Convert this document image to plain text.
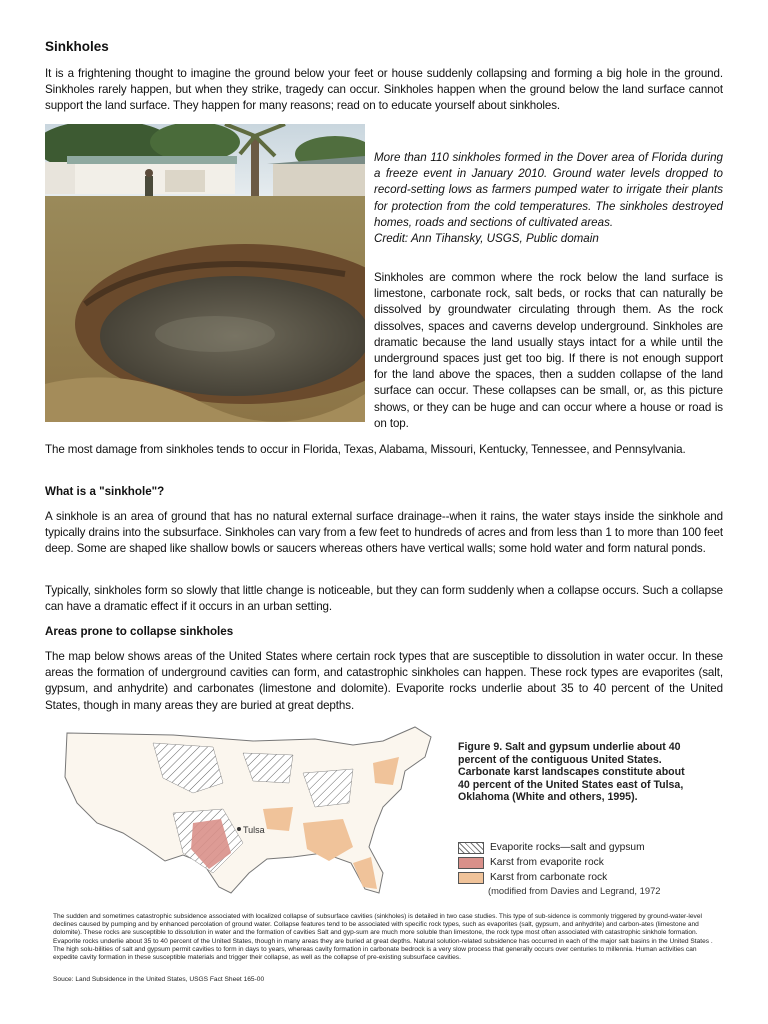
Sinkholes

It is a frightening thought to imagine the ground below your feet or house suddenly collapsing and forming a big hole in the ground. Sinkholes rarely happen, but when they strike, tragedy can occur. Sinkholes happen when the ground below the land surface cannot support the land surface. They happen for many reasons; read on to educate yourself about sinkholes.

More than 110 sinkholes formed in the Dover area of Florida during a freeze event in January 2010. Ground water levels dropped to record-setting lows as farmers pumped water to irrigate their plants for protection from the cold temperatures. The sinkholes destroyed homes, roads and sections of cultivated areas.
Credit: Ann Tihansky, USGS, Public domain

Sinkholes are common where the rock below the land surface is limestone, carbonate rock, salt beds, or rocks that can naturally be dissolved by groundwater circulating through them. As the rock dissolves, spaces and caverns develop underground. Sinkholes are dramatic because the land usually stays intact for a while until the underground spaces just get too big. If there is not enough support for the land above the spaces, then a sudden collapse of the land surface can occur. These collapses can be small, or, as this picture shows, or they can be huge and can occur where a house or road is on top.

The most damage from sinkholes tends to occur in Florida, Texas, Alabama, Missouri, Kentucky, Tennessee, and Pennsylvania.

What is a "sinkhole"?

A sinkhole is an area of ground that has no natural external surface drainage--when it rains, the water stays inside the sinkhole and typically drains into the subsurface. Sinkholes can vary from a few feet to hundreds of acres and from less than 1 to more than 100 feet deep. Some are shaped like shallow bowls or saucers whereas others have vertical walls; some hold water and form natural ponds.

Typically, sinkholes form so slowly that little change is noticeable, but they can form suddenly when a collapse occurs. Such a collapse can have a dramatic effect if it occurs in an urban setting.

Areas prone to collapse sinkholes

The map below shows areas of the United States where certain rock types that are susceptible to dissolution in water occur. In these areas the formation of underground cavities can form, and catastrophic sinkholes can happen. These rock types are evaporites (salt, gypsum, and anhydrite) and carbonates (limestone and dolomite). Evaporite rocks underlie about 35 to 40 percent of the United States, though in many areas they are buried at great depths.

Tulsa
Figure 9. Salt and gypsum underlie about 40 percent of the contiguous United States. Carbonate karst landscapes constitute about 40 percent of the United States east of Tulsa, Oklahoma (White and others, 1995).
Evaporite rocks—salt and gypsum
Karst from evaporite rock
Karst from carbonate rock
(modified from Davies and Legrand, 1972
The sudden and sometimes catastrophic subsidence associated with localized collapse of subsurface cavities (sinkholes) is detailed in two case studies. This type of sub-sidence is commonly triggered by ground-water-level declines caused by pumping and by enhanced percolation of ground water. Collapse features tend to be associated with specific rock types, such as evaporites (salt, gypsum, and anhydrite) and carbon-ates (limestone and dolomite). These rocks are susceptible to dissolution in water and the formation of cavities Salt and gyp-sum are much more soluble than limestone, the rock type most often associated with catastrophic sinkhole formation. Evaporite rocks underlie about 35 to 40 percent of the United States, though in many areas they are buried at great depths. Natural solution-related subsidence has occurred in each of the major salt basins in the United States . The high solu-bilities of salt and gypsum permit cavities to form in days to years, whereas cavity formation in carbonate bedrock is a very slow process that generally occurs over centuries to millennia. Human activities can expedite cavity formation in these susceptible materials and trigger their collapse, as well as the collapse of pre-existing subsurface cavities.
Souce: Land Subsidence in the United States, USGS Fact Sheet 165-00
